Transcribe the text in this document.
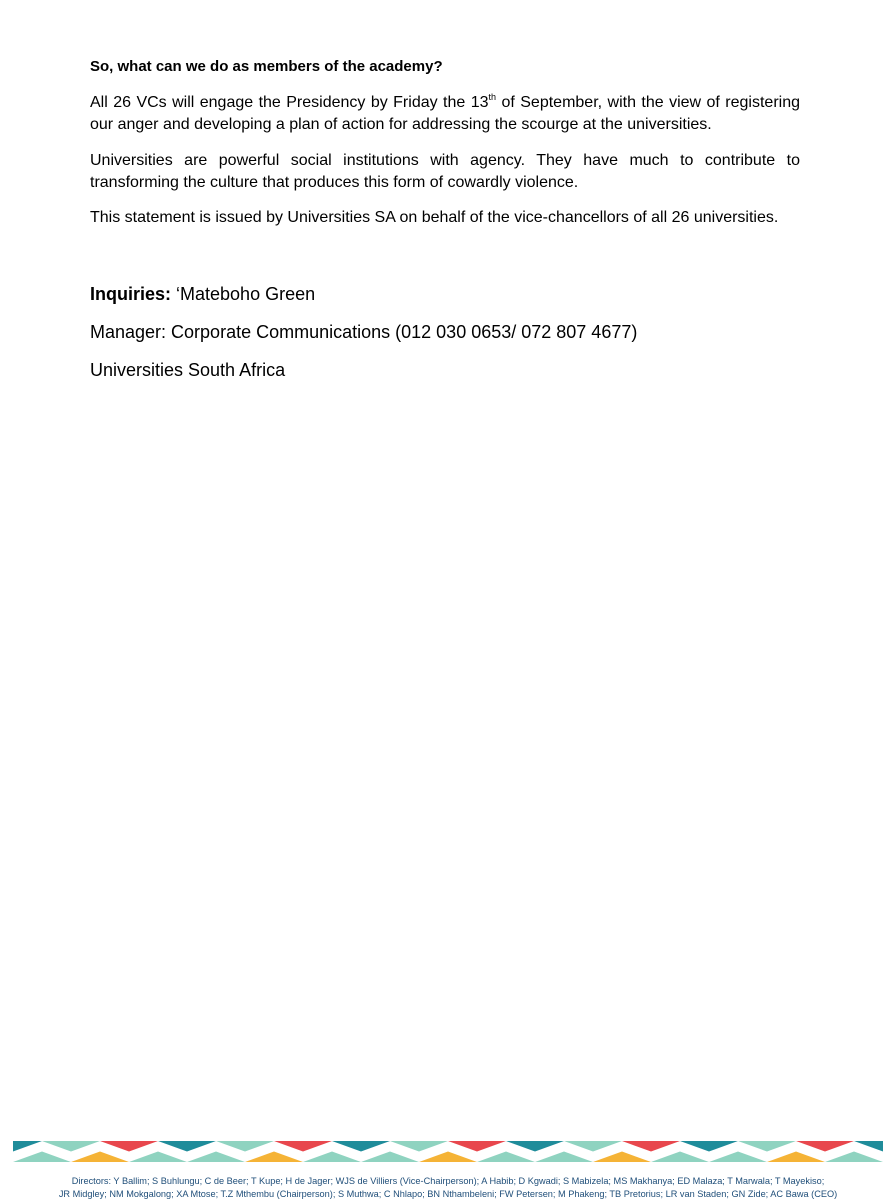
So, what can we do as members of the academy?

All 26 VCs will engage the Presidency by Friday the 13th of September, with the view of registering our anger and developing a plan of action for addressing the scourge at the universities.

Universities are powerful social institutions with agency. They have much to contribute to transforming the culture that produces this form of cowardly violence.

This statement is issued by Universities SA on behalf of the vice-chancellors of all 26 universities.

Inquiries: ‘Mateboho Green

Manager: Corporate Communications (012 030 0653/ 072 807 4677)

Universities South Africa

Directors: Y Ballim; S Buhlungu; C de Beer; T Kupe; H de Jager; WJS de Villiers (Vice-Chairperson); A Habib; D Kgwadi; S Mabizela; MS Makhanya; ED Malaza; T Marwala; T Mayekiso;
JR Midgley; NM Mokgalong; XA Mtose; T.Z Mthembu (Chairperson); S Muthwa; C Nhlapo; BN Nthambeleni; FW Petersen; M Phakeng; TB Pretorius; LR van Staden; GN Zide; AC Bawa (CEO)
